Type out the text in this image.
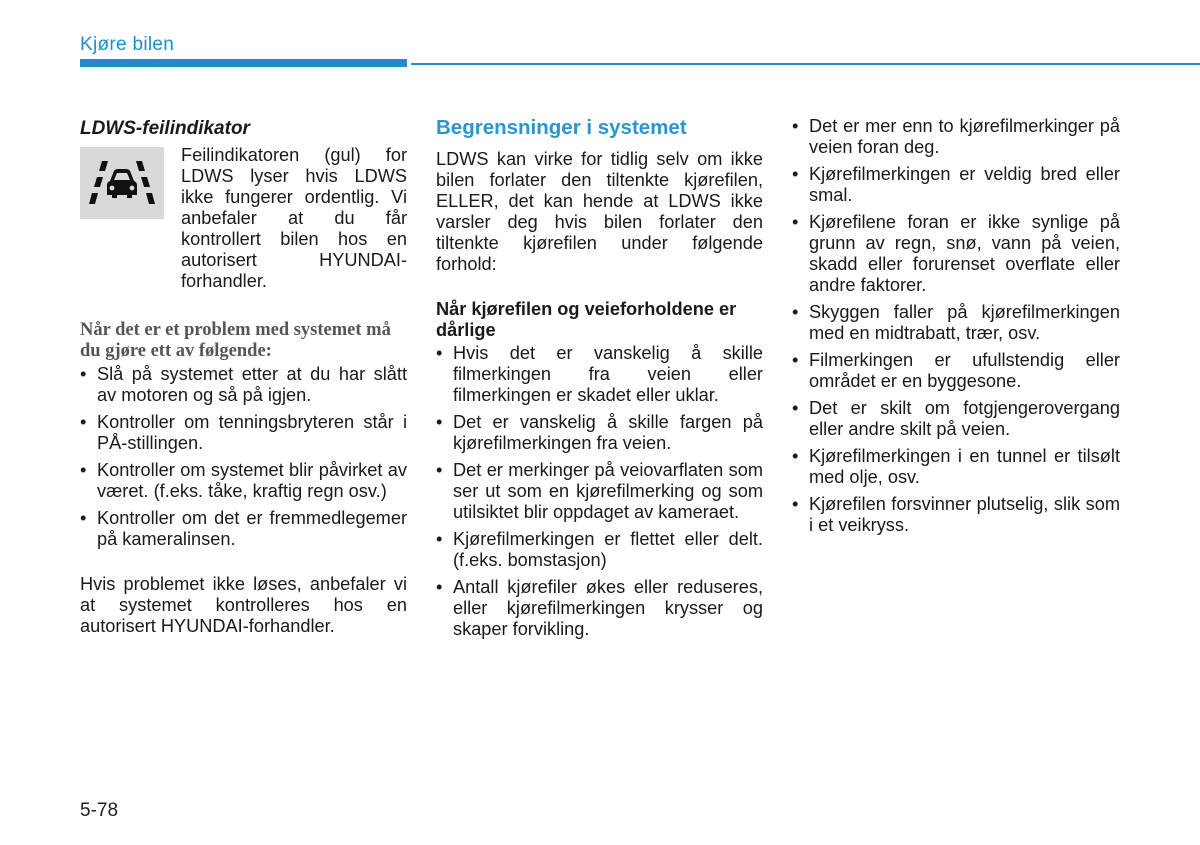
Kjøre bilen
LDWS-feilindikator
Feilindikatoren (gul) for LDWS lyser hvis LDWS ikke fungerer ordentlig. Vi anbefaler at du får kontrollert bilen hos en autorisert HYUNDAI-forhandler.
Når det er et problem med systemet må du gjøre ett av følgende:
• Slå på systemet etter at du har slått av motoren og så på igjen.
• Kontroller om tenningsbryteren står i PÅ-stillingen.
• Kontroller om systemet blir påvirket av været. (f.eks. tåke, kraftig regn osv.)
• Kontroller om det er fremmedlegemer på kameralinsen.

Hvis problemet ikke løses, anbefaler vi at systemet kontrolleres hos en autorisert HYUNDAI-forhandler.

Begrensninger i systemet

LDWS kan virke for tidlig selv om ikke bilen forlater den tiltenkte kjørefilen, ELLER, det kan hende at LDWS ikke varsler deg hvis bilen forlater den tiltenkte kjørefilen under følgende forhold:

Når kjørefilen og veieforholdene er dårlige
• Hvis det er vanskelig å skille filmerkingen fra veien eller filmerkingen er skadet eller uklar.
• Det er vanskelig å skille fargen på kjørefilmerkingen fra veien.
• Det er merkinger på veiovarflaten som ser ut som en kjørefilmerking og som utilsiktet blir oppdaget av kameraet.
• Kjørefilmerkingen er flettet eller delt. (f.eks. bomstasjon)
• Antall kjørefiler økes eller reduseres, eller kjørefilmerkingen krysser og skaper forvikling.
• Det er mer enn to kjørefilmerkinger på veien foran deg.
• Kjørefilmerkingen er veldig bred eller smal.
• Kjørefilene foran er ikke synlige på grunn av regn, snø, vann på veien, skadd eller forurenset overflate eller andre faktorer.
• Skyggen faller på kjørefilmerkingen med en midtrabatt, trær, osv.
• Filmerkingen er ufullstendig eller området er en byggesone.
• Det er skilt om fotgjengerovergang eller andre skilt på veien.
• Kjørefilmerkingen i en tunnel er tilsølt med olje, osv.
• Kjørefilen forsvinner plutselig, slik som i et veikryss.
5-78
